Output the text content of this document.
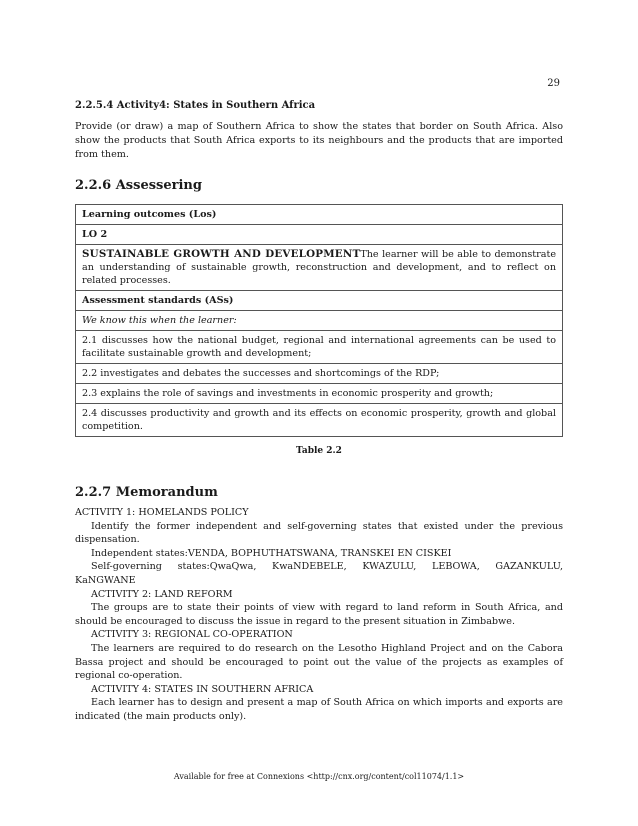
29

2.2.5.4 Activity4: States in Southern Africa

Provide (or draw) a map of Southern Africa to show the states that border on South Africa. Also show the products that South Africa exports to its neighbours and the products that are imported from them.

2.2.6 Assessering

Learning outcomes (Los)
LO 2
SUSTAINABLE GROWTH AND DEVELOPMENTThe learner will be able to demonstrate an understanding of sustainable growth, reconstruction and development, and to reflect on related processes.
Assessment standards (ASs)
We know this when the learner:
2.1 discusses how the national budget, regional and international agreements can be used to facilitate sustainable growth and development;
2.2 investigates and debates the successes and shortcomings of the RDP;
2.3 explains the role of savings and investments in economic prosperity and growth;
2.4 discusses productivity and growth and its effects on economic prosperity, growth and global competition.

Table 2.2

2.2.7 Memorandum

ACTIVITY 1: HOMELANDS POLICY

Identify the former independent and self-governing states that existed under the previous dispensation.

Independent states:VENDA, BOPHUTHATSWANA, TRANSKEI EN CISKEI

Self-governing states:QwaQwa, KwaNDEBELE, KWAZULU, LEBOWA, GAZANKULU, KaNGWANE

ACTIVITY 2: LAND REFORM

The groups are to state their points of view with regard to land reform in South Africa, and should be encouraged to discuss the issue in regard to the present situation in Zimbabwe.

ACTIVITY 3: REGIONAL CO-OPERATION

The learners are required to do research on the Lesotho Highland Project and on the Cabora Bassa project and should be encouraged to point out the value of the projects as examples of regional co-operation.

ACTIVITY 4: STATES IN SOUTHERN AFRICA

Each learner has to design and present a map of South Africa on which imports and exports are indicated (the main products only).

Available for free at Connexions <http://cnx.org/content/col11074/1.1>
